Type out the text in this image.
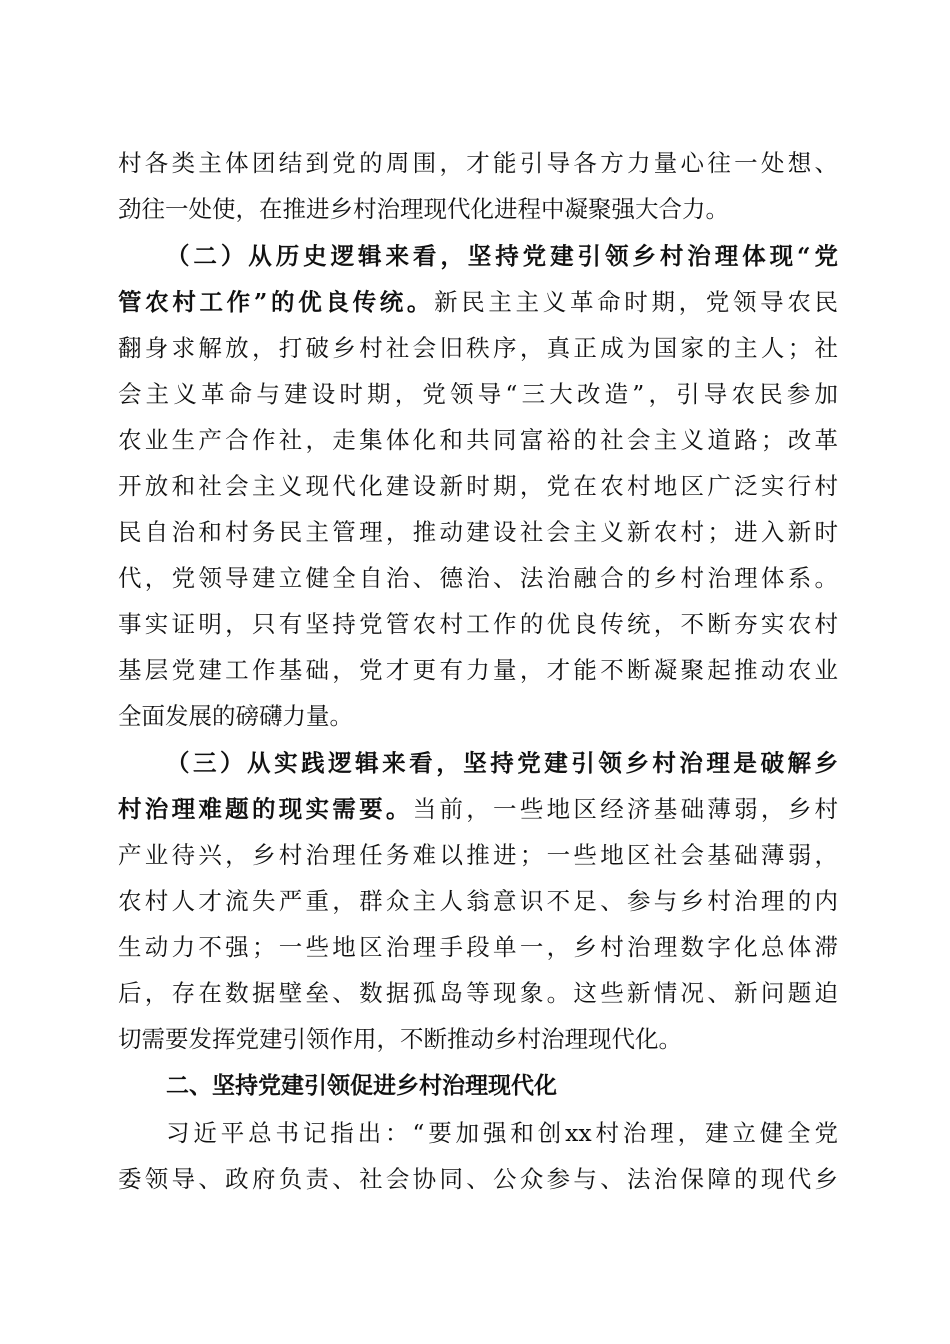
村各类主体团结到党的周围，才能引导各方力量心往一处想、
劲往一处使，在推进乡村治理现代化进程中凝聚强大合力。
（二）从历史逻辑来看，坚持党建引领乡村治理体现“党
管农村工作”的优良传统。新民主主义革命时期，党领导农民
翻身求解放，打破乡村社会旧秩序，真正成为国家的主人；社
会主义革命与建设时期，党领导“三大改造”，引导农民参加
农业生产合作社，走集体化和共同富裕的社会主义道路；改革
开放和社会主义现代化建设新时期，党在农村地区广泛实行村
民自治和村务民主管理，推动建设社会主义新农村；进入新时
代，党领导建立健全自治、德治、法治融合的乡村治理体系。
事实证明，只有坚持党管农村工作的优良传统，不断夯实农村
基层党建工作基础，党才更有力量，才能不断凝聚起推动农业
全面发展的磅礴力量。
（三）从实践逻辑来看，坚持党建引领乡村治理是破解乡
村治理难题的现实需要。当前，一些地区经济基础薄弱，乡村
产业待兴，乡村治理任务难以推进；一些地区社会基础薄弱，
农村人才流失严重，群众主人翁意识不足、参与乡村治理的内
生动力不强；一些地区治理手段单一，乡村治理数字化总体滞
后，存在数据壁垒、数据孤岛等现象。这些新情况、新问题迫
切需要发挥党建引领作用，不断推动乡村治理现代化。
二、坚持党建引领促进乡村治理现代化
习近平总书记指出：“要加强和创xx村治理，建立健全党
委领导、政府负责、社会协同、公众参与、法治保障的现代乡
